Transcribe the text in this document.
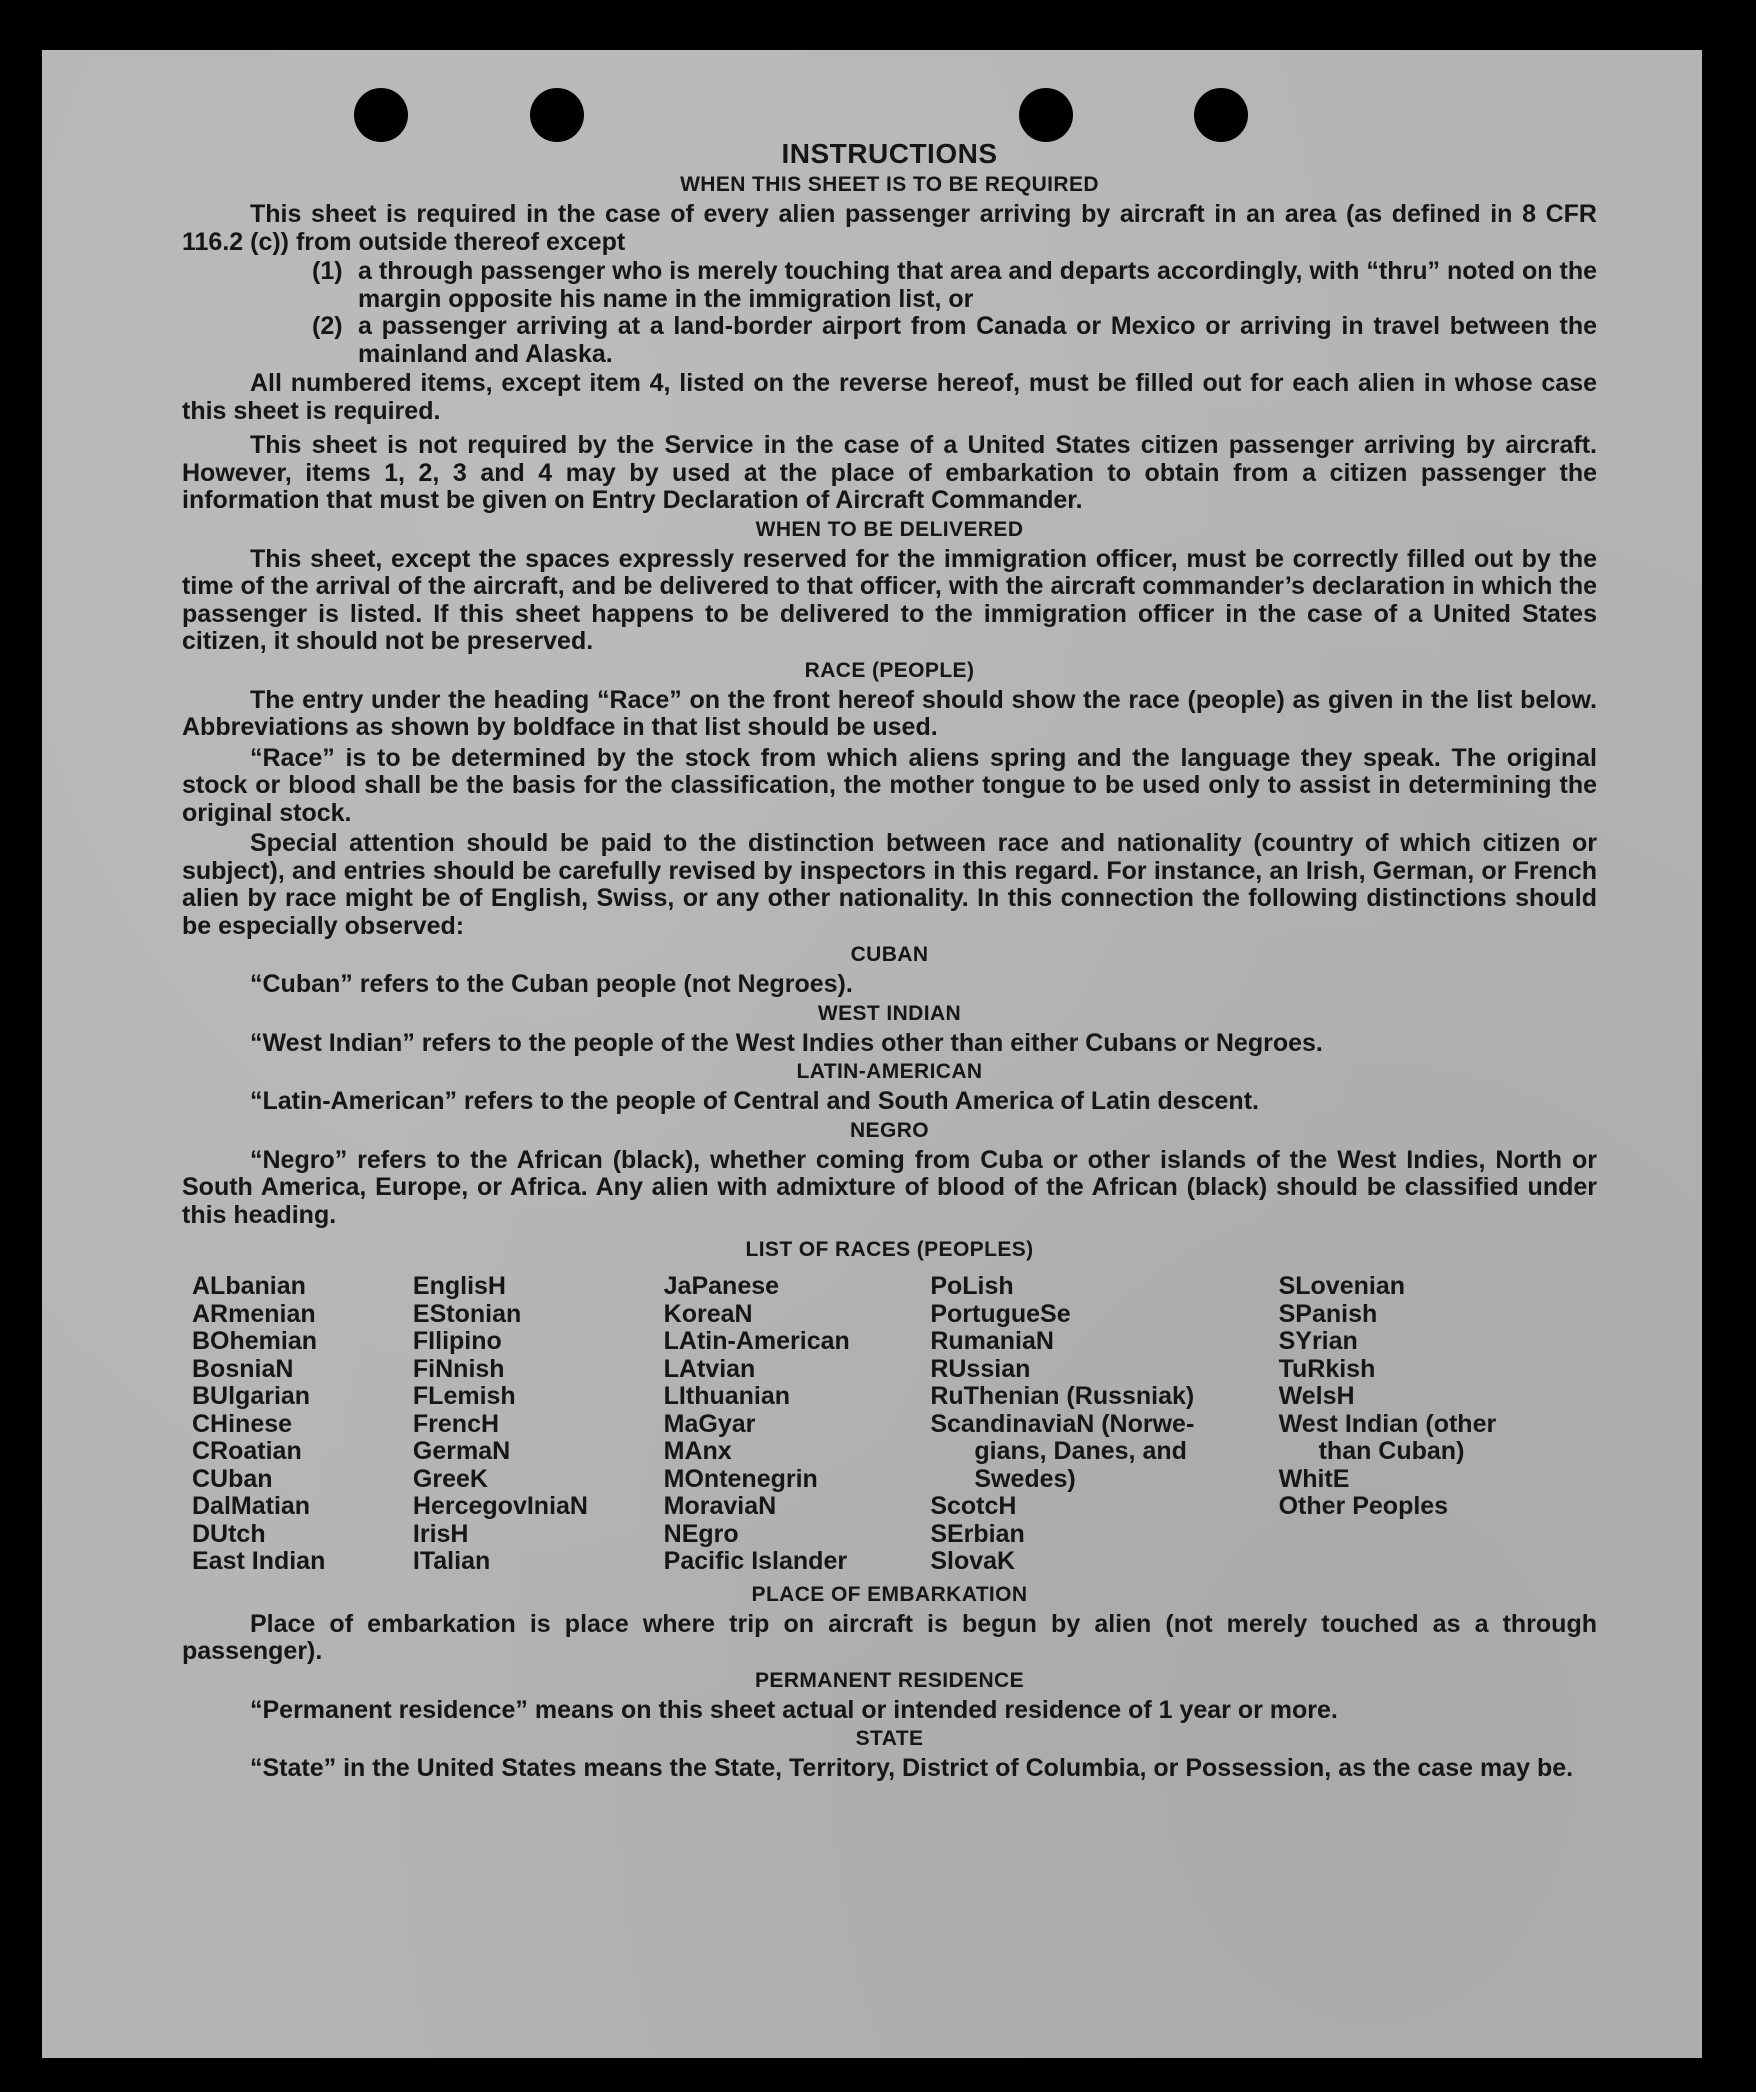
INSTRUCTIONS
WHEN THIS SHEET IS TO BE REQUIRED

This sheet is required in the case of every alien passenger arriving by aircraft in an area (as defined in 8 CFR 116.2 (c)) from outside thereof except

(1) a through passenger who is merely touching that area and departs accordingly, with “thru” noted on the margin opposite his name in the immigration list, or

(2) a passenger arriving at a land-border airport from Canada or Mexico or arriving in travel between the mainland and Alaska.

All numbered items, except item 4, listed on the reverse hereof, must be filled out for each alien in whose case this sheet is required.

This sheet is not required by the Service in the case of a United States citizen passenger arriving by aircraft. However, items 1, 2, 3 and 4 may by used at the place of embarkation to obtain from a citizen passenger the information that must be given on Entry Declaration of Aircraft Commander.

WHEN TO BE DELIVERED

This sheet, except the spaces expressly reserved for the immigration officer, must be correctly filled out by the time of the arrival of the aircraft, and be delivered to that officer, with the aircraft commander’s declaration in which the passenger is listed. If this sheet happens to be delivered to the immigration officer in the case of a United States citizen, it should not be preserved.

RACE (PEOPLE)

The entry under the heading “Race” on the front hereof should show the race (people) as given in the list below. Abbreviations as shown by boldface in that list should be used.

“Race” is to be determined by the stock from which aliens spring and the language they speak. The original stock or blood shall be the basis for the classification, the mother tongue to be used only to assist in determining the original stock.

Special attention should be paid to the distinction between race and nationality (country of which citizen or subject), and entries should be carefully revised by inspectors in this regard. For instance, an Irish, German, or French alien by race might be of English, Swiss, or any other nationality. In this connection the following distinctions should be especially observed:

CUBAN

“Cuban” refers to the Cuban people (not Negroes).

WEST INDIAN

“West Indian” refers to the people of the West Indies other than either Cubans or Negroes.

LATIN-AMERICAN

“Latin-American” refers to the people of Central and South America of Latin descent.

NEGRO

“Negro” refers to the African (black), whether coming from Cuba or other islands of the West Indies, North or South America, Europe, or Africa. Any alien with admixture of blood of the African (black) should be classified under this heading.

LIST OF RACES (PEOPLES)
ALbanian
ARmenian
BOhemian
BosniaN
BUlgarian
CHinese
CRoatian
CUban
DalMatian
DUtch
East Indian
EnglisH
EStonian
FIlipino
FiNnish
FLemish
FrencH
GermaN
GreeK
HercegovIniaN
IrisH
ITalian
JaPanese
KoreaN
LAtin-American
LAtvian
LIthuanian
MaGyar
MAnx
MOntenegrin
MoraviaN
NEgro
Pacific Islander
PoLish
PortugueSe
RumaniaN
RUssian
RuThenian (Russniak)
ScandinaviaN (Norwe-
gians, Danes, and
Swedes)
ScotcH
SErbian
SlovaK
SLovenian
SPanish
SYrian
TuRkish
WelsH
West Indian (other
than Cuban)
WhitE
Other Peoples
PLACE OF EMBARKATION

Place of embarkation is place where trip on aircraft is begun by alien (not merely touched as a through passenger).

PERMANENT RESIDENCE

“Permanent residence” means on this sheet actual or intended residence of 1 year or more.

STATE

“State” in the United States means the State, Territory, District of Columbia, or Possession, as the case may be.
